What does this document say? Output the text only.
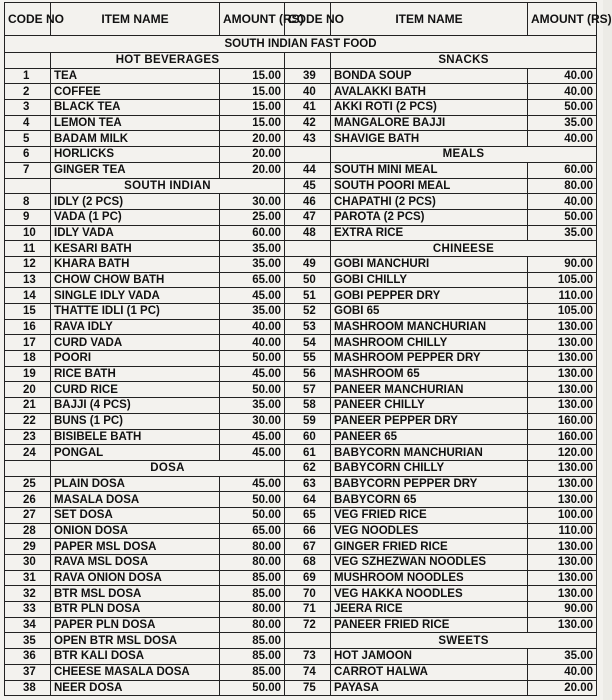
CODE NO	ITEM NAME	AMOUNT (RS)	CODE NO	ITEM NAME	AMOUNT (RS)
SOUTH INDIAN FAST FOOD					
	HOT BEVERAGES			SNACKS	
1	TEA	15.00	39	BONDA SOUP	40.00
2	COFFEE	15.00	40	AVALAKKI BATH	40.00
3	BLACK TEA	15.00	41	AKKI ROTI (2 PCS)	50.00
4	LEMON TEA	15.00	42	MANGALORE BAJJI	35.00
5	BADAM MILK	20.00	43	SHAVIGE BATH	40.00
6	HORLICKS	20.00		MEALS	
7	GINGER TEA	20.00	44	SOUTH MINI MEAL	60.00
	SOUTH INDIAN		45	SOUTH POORI MEAL	80.00
8	IDLY (2 PCS)	30.00	46	CHAPATHI (2 PCS)	40.00
9	VADA (1 PC)	25.00	47	PAROTA (2 PCS)	50.00
10	IDLY VADA	60.00	48	EXTRA RICE	35.00
11	KESARI BATH	35.00		CHINEESE	
12	KHARA BATH	35.00	49	GOBI MANCHURI	90.00
13	CHOW CHOW BATH	65.00	50	GOBI CHILLY	105.00
14	SINGLE IDLY VADA	45.00	51	GOBI PEPPER DRY	110.00
15	THATTE IDLI (1 PC)	35.00	52	GOBI 65	105.00
16	RAVA IDLY	40.00	53	MASHROOM MANCHURIAN	130.00
17	CURD VADA	40.00	54	MASHROOM CHILLY	130.00
18	POORI	50.00	55	MASHROOM PEPPER DRY	130.00
19	RICE BATH	45.00	56	MASHROOM 65	130.00
20	CURD RICE	50.00	57	PANEER MANCHURIAN	130.00
21	BAJJI (4 PCS)	35.00	58	PANEER CHILLY	130.00
22	BUNS (1 PC)	30.00	59	PANEER PEPPER DRY	160.00
23	BISIBELE BATH	45.00	60	PANEER 65	160.00
24	PONGAL	45.00	61	BABYCORN MANCHURIAN	120.00
	DOSA		62	BABYCORN CHILLY	130.00
25	PLAIN DOSA	45.00	63	BABYCORN PEPPER DRY	130.00
26	MASALA DOSA	50.00	64	BABYCORN 65	130.00
27	SET DOSA	50.00	65	VEG FRIED RICE	100.00
28	ONION DOSA	65.00	66	VEG NOODLES	110.00
29	PAPER MSL DOSA	80.00	67	GINGER FRIED RICE	130.00
30	RAVA MSL DOSA	80.00	68	VEG SZHEZWAN NOODLES	130.00
31	RAVA ONION DOSA	85.00	69	MUSHROOM NOODLES	130.00
32	BTR MSL DOSA	85.00	70	VEG HAKKA NOODLES	130.00
33	BTR PLN DOSA	80.00	71	JEERA RICE	90.00
34	PAPER PLN DOSA	80.00	72	PANEER FRIED RICE	130.00
35	OPEN BTR MSL DOSA	85.00		SWEETS	
36	BTR KALI DOSA	85.00	73	HOT JAMOON	35.00
37	CHEESE MASALA DOSA	85.00	74	CARROT HALWA	40.00
38	NEER DOSA	50.00	75	PAYASA	20.00
